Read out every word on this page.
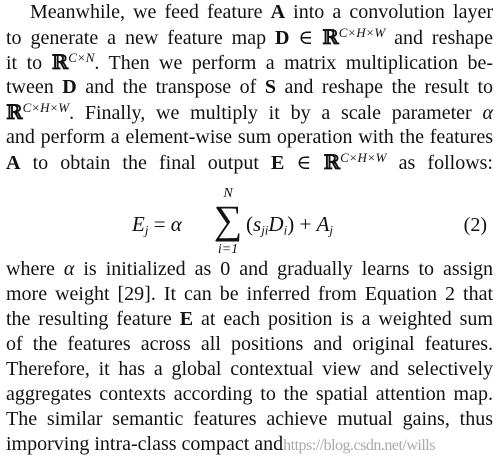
Meanwhile, we feed feature A into a convolution layer
to generate a new feature map D ∈ ℝ$^{C\times H\times W}$ and reshape
it to ℝ$^{C\times N}$. Then we perform a matrix multiplication be-
tween D and the transpose of S and reshape the result to
ℝ$^{C\times H\times W}$. Finally, we multiply it by a scale parameter α
and perform a element-wise sum operation with the features
A to obtain the final output E ∈ ℝ$^{C\times H\times W}$ as follows:
$E_j = \alpha$
N
∑
i=1
$(s_{ji}D_i) + A_j$	(2)
where α is initialized as 0 and gradually learns to assign
more weight [29]. It can be inferred from Equation 2 that
the resulting feature E at each position is a weighted sum
of the features across all positions and original features.
Therefore, it has a global contextual view and selectively
aggregates contexts according to the spatial attention map.
The similar semantic features achieve mutual gains, thus
imporving intra-class compact andhttps://blog.csdn.net/wills
